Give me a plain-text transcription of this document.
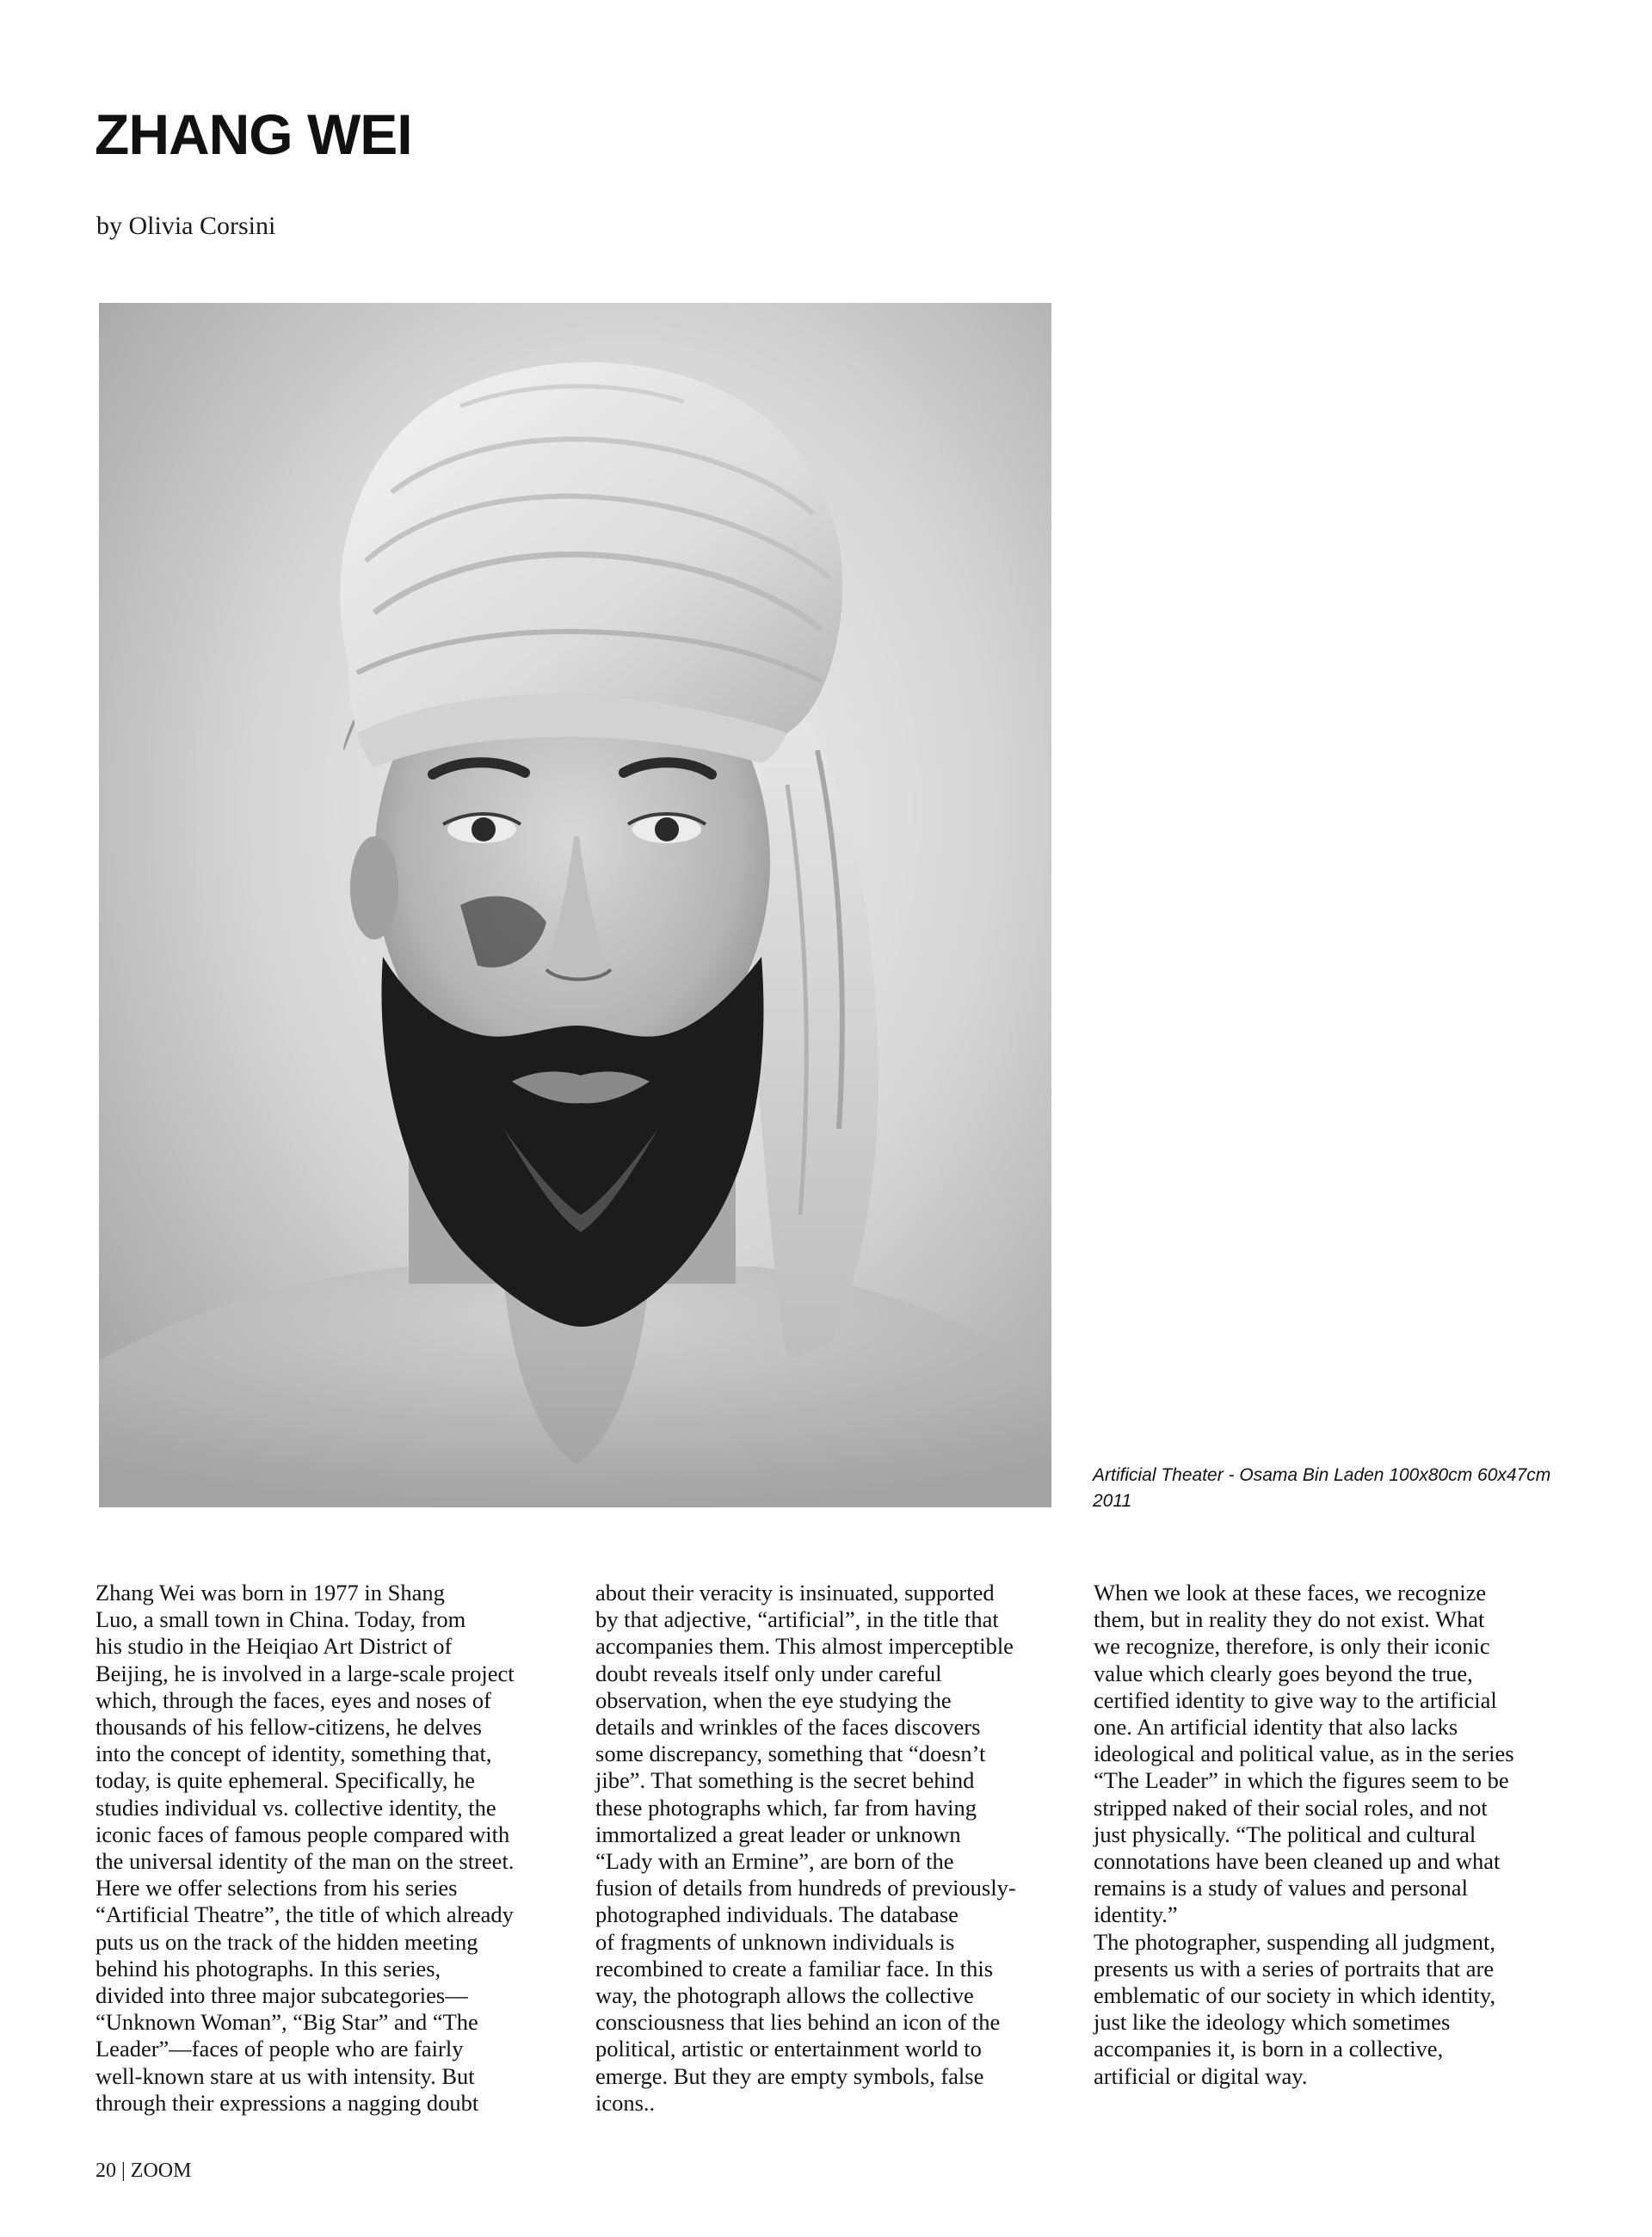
ZHANG WEI

by Olivia Corsini

Artificial Theater - Osama Bin Laden 100x80cm 60x47cm
2011

Zhang Wei was born in 1977 in Shang
Luo, a small town in China. Today, from
his studio in the Heiqiao Art District of
Beijing, he is involved in a large-scale project
which, through the faces, eyes and noses of
thousands of his fellow-citizens, he delves
into the concept of identity, something that,
today, is quite ephemeral. Specifically, he
studies individual vs. collective identity, the
iconic faces of famous people compared with
the universal identity of the man on the street.
Here we offer selections from his series
“Artificial Theatre”, the title of which already
puts us on the track of the hidden meeting
behind his photographs. In this series,
divided into three major subcategories—
“Unknown Woman”, “Big Star” and “The
Leader”—faces of people who are fairly
well-known stare at us with intensity. But
through their expressions a nagging doubt

about their veracity is insinuated, supported
by that adjective, “artificial”, in the title that
accompanies them. This almost imperceptible
doubt reveals itself only under careful
observation, when the eye studying the
details and wrinkles of the faces discovers
some discrepancy, something that “doesn’t
jibe”. That something is the secret behind
these photographs which, far from having
immortalized a great leader or unknown
“Lady with an Ermine”, are born of the
fusion of details from hundreds of previously-
photographed individuals. The database
of fragments of unknown individuals is
recombined to create a familiar face. In this
way, the photograph allows the collective
consciousness that lies behind an icon of the
political, artistic or entertainment world to
emerge. But they are empty symbols, false
icons..

When we look at these faces, we recognize
them, but in reality they do not exist. What
we recognize, therefore, is only their iconic
value which clearly goes beyond the true,
certified identity to give way to the artificial
one. An artificial identity that also lacks
ideological and political value, as in the series
“The Leader” in which the figures seem to be
stripped naked of their social roles, and not
just physically. “The political and cultural
connotations have been cleaned up and what
remains is a study of values and personal
identity.”
The photographer, suspending all judgment,
presents us with a series of portraits that are
emblematic of our society in which identity,
just like the ideology which sometimes
accompanies it, is born in a collective,
artificial or digital way.

20 | ZOOM
